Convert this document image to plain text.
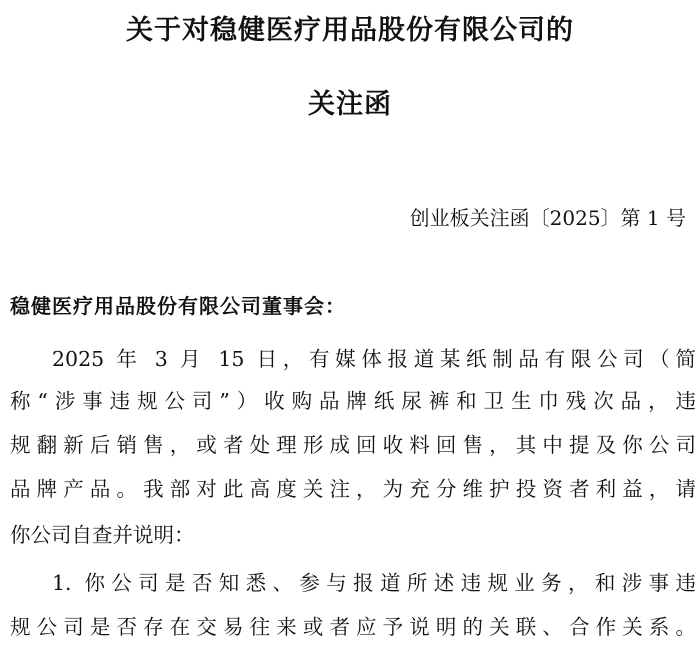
关于对稳健医疗用品股份有限公司的
关注函
创业板关注函〔2025〕第 1 号
稳健医疗用品股份有限公司董事会：
2025 年 3 月 15 日，有媒体报道某纸制品有限公司（简
称“涉事违规公司”）收购品牌纸尿裤和卫生巾残次品，违
规翻新后销售，或者处理形成回收料回售，其中提及你公司
品牌产品。我部对此高度关注，为充分维护投资者利益，请
你公司自查并说明：
1. 你公司是否知悉、参与报道所述违规业务，和涉事违
规公司是否存在交易往来或者应予说明的关联、合作关系。
